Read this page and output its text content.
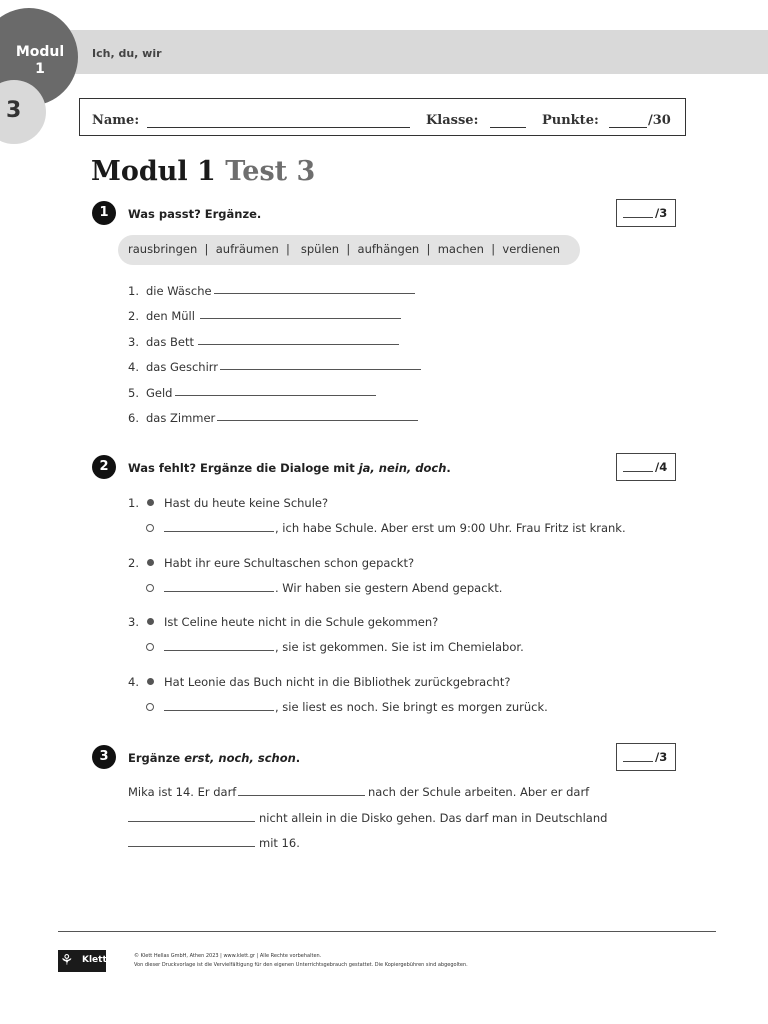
Ich, du, wir
Modul
1
3	Name:	Klasse:	Punkte:	/30
Modul 1 Test 3
1	Was passt? Ergänze.	/3
rausbringen  |  aufräumen  |   spülen  |  aufhängen  |  machen  |  verdienen
1. die Wäsche
2. den Müll
3. das Bett
4. das Geschirr
5. Geld
6. das Zimmer
2	Was fehlt? Ergänze die Dialoge mit ja, nein, doch.	/4
1. Hast du heute keine Schule?
, ich habe Schule. Aber erst um 9:00 Uhr. Frau Fritz ist krank.
2. Habt ihr eure Schultaschen schon gepackt?
. Wir haben sie gestern Abend gepackt.
3. Ist Celine heute nicht in die Schule gekommen?
, sie ist gekommen. Sie ist im Chemielabor.
4. Hat Leonie das Buch nicht in die Bibliothek zurückgebracht?
, sie liest es noch. Sie bringt es morgen zurück.
3	Ergänze erst, noch, schon.	/3
Mika ist 14. Er darf	nach der Schule arbeiten. Aber er darf
nicht allein in die Disko gehen. Das darf man in Deutschland
mit 16.
⚘ Klett	© Klett Hellas GmbH, Athen 2023 | www.klett.gr | Alle Rechte vorbehalten.
Von dieser Druckvorlage ist die Vervielfältigung für den eigenen Unterrichtsgebrauch gestattet. Die Kopiergebühren sind abgegolten.
